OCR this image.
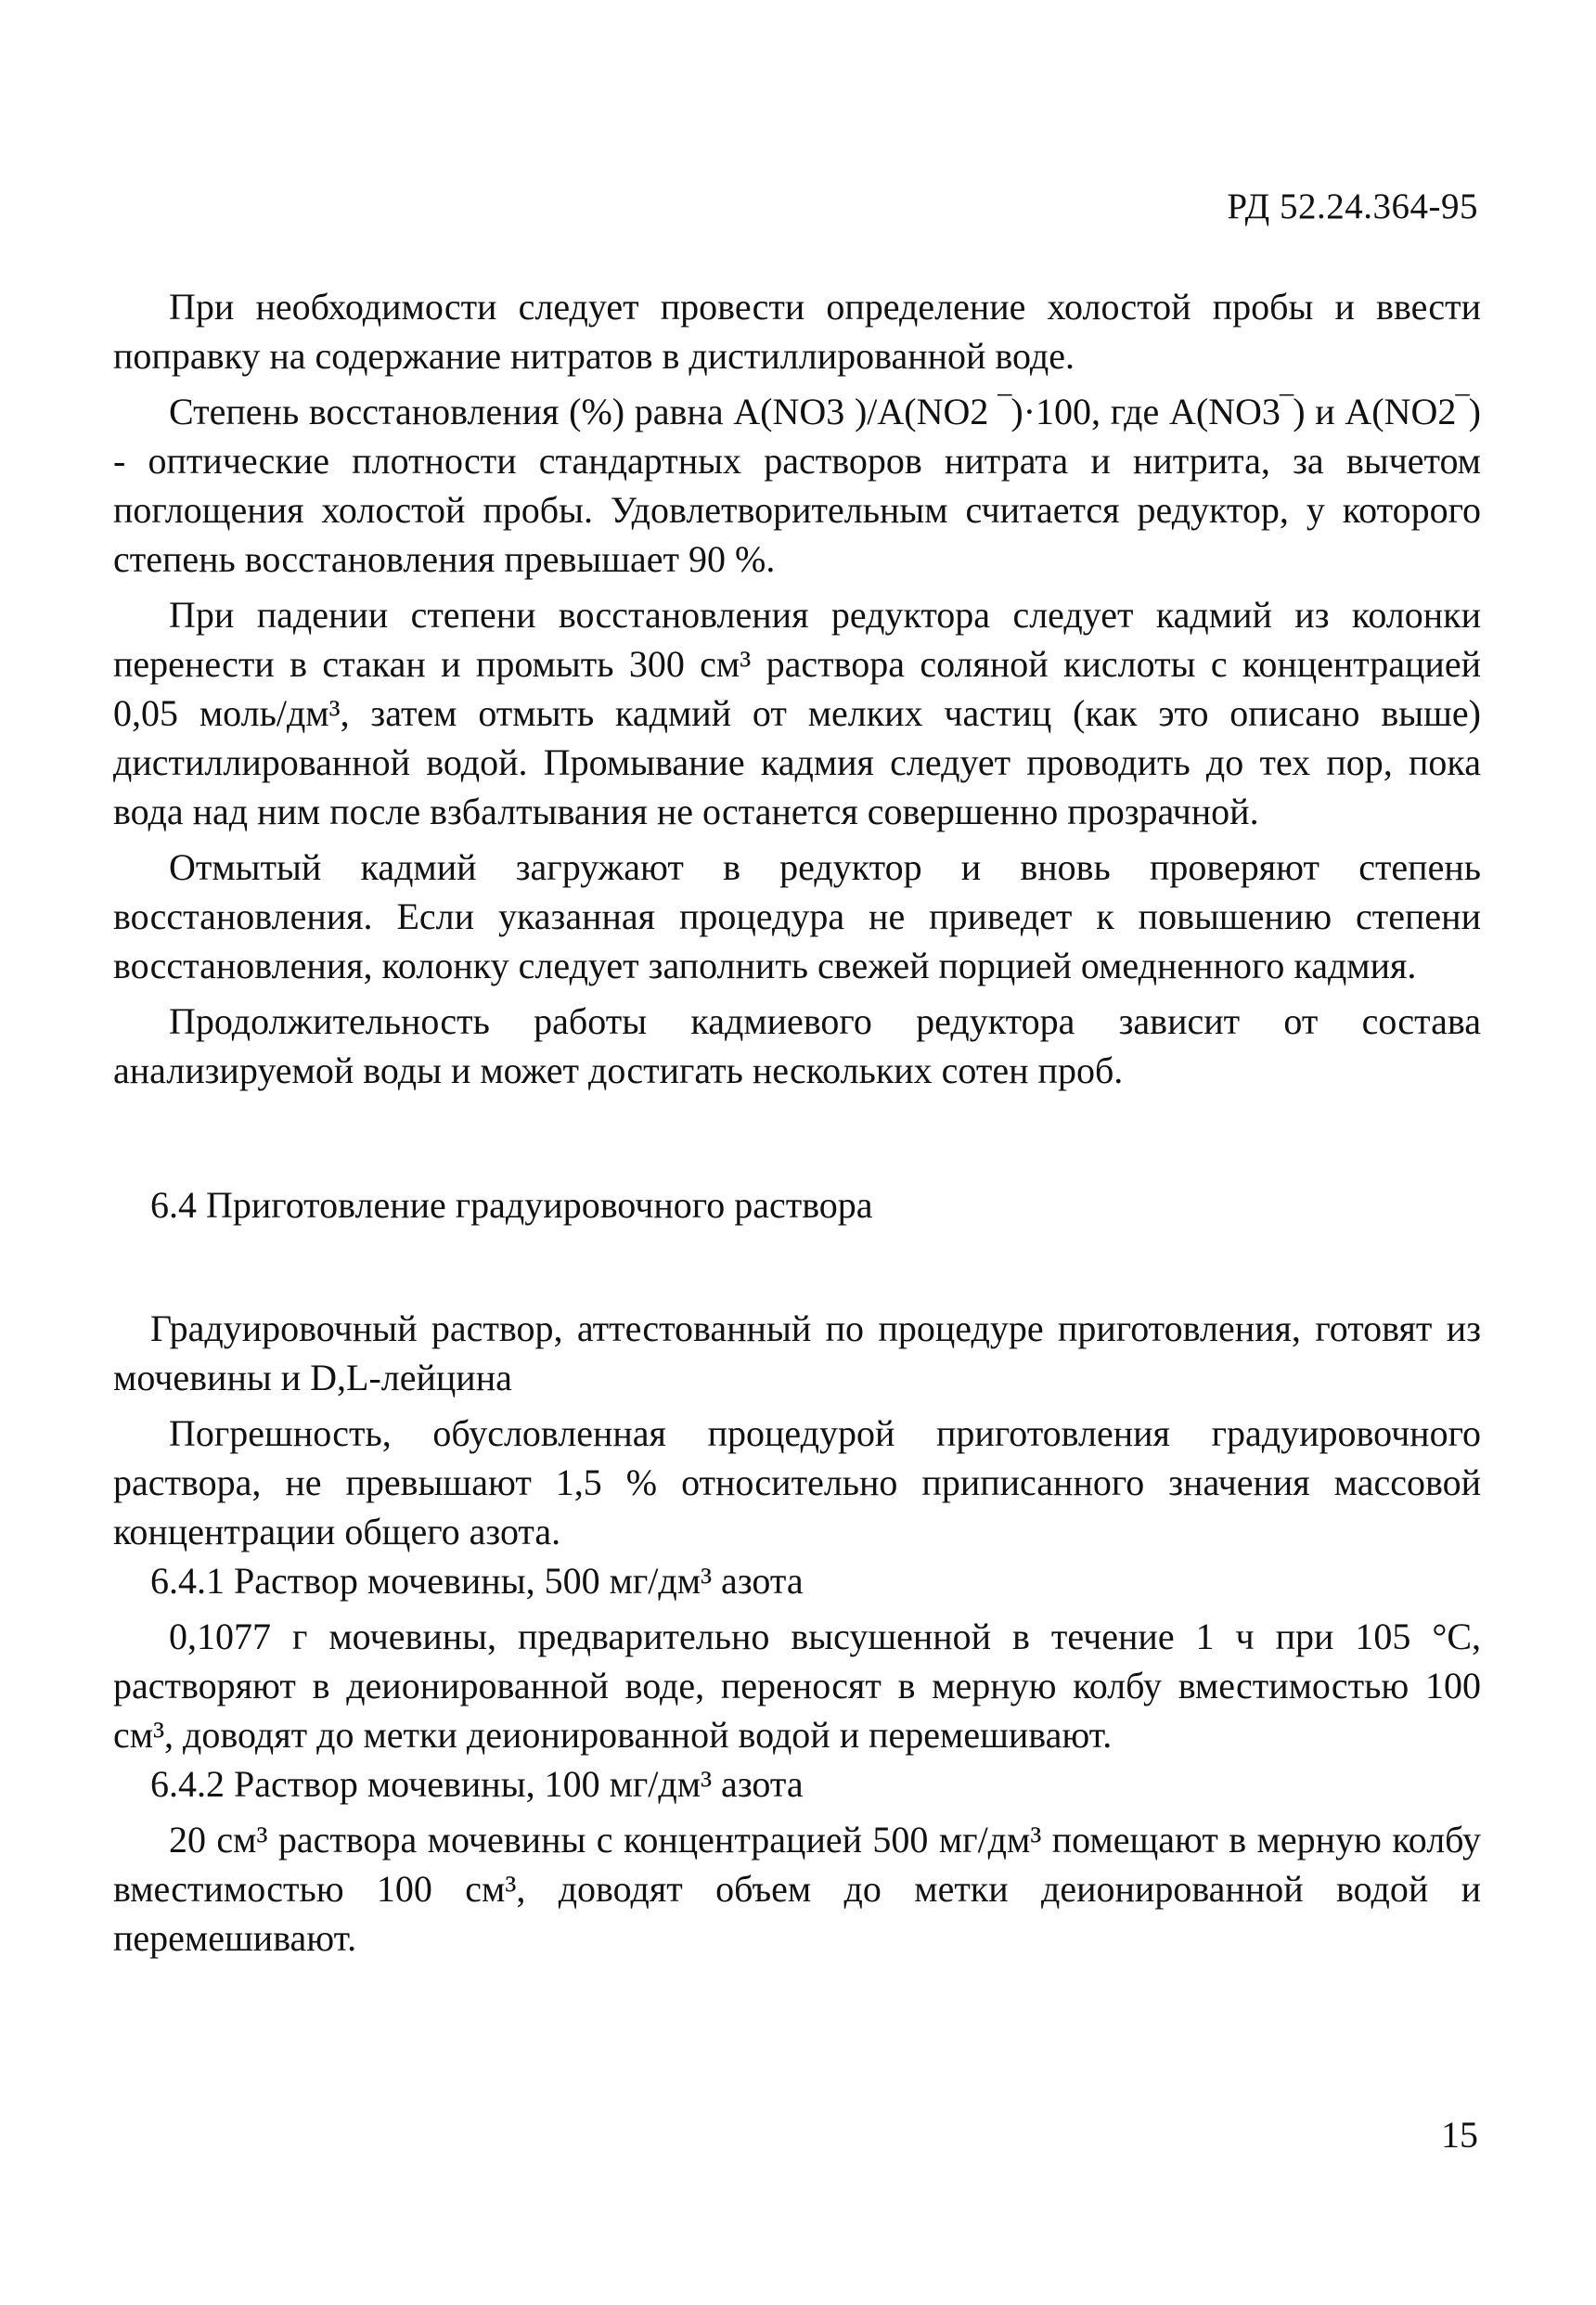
РД 52.24.364-95

При необходимости следует провести определение холостой пробы и ввести поправку на содержание нитратов в дистиллированной воде.

Степень восстановления (%) равна A(NO3 )/A(NO2 ‾)·100, где A(NO3‾) и A(NO2‾) - оптические плотности стандартных растворов нитрата и нитрита, за вычетом поглощения холостой пробы. Удовлетворительным считается редуктор, у которого степень восстановления превышает 90 %.

При падении степени восстановления редуктора следует кадмий из колонки перенести в стакан и промыть 300 см³ раствора соляной кислоты с концентрацией 0,05 моль/дм³, затем отмыть кадмий от мелких частиц (как это описано выше) дистиллированной водой. Промывание кадмия следует проводить до тех пор, пока вода над ним после взбалтывания не останется совершенно прозрачной.

Отмытый кадмий загружают в редуктор и вновь проверяют степень восстановления. Если указанная процедура не приведет к повышению степени восстановления, колонку следует заполнить свежей порцией омедненного кадмия.

Продолжительность работы кадмиевого редуктора зависит от состава анализируемой воды и может достигать нескольких сотен проб.

6.4 Приготовление градуировочного раствора

Градуировочный раствор, аттестованный по процедуре приготовления, готовят из мочевины и D,L-лейцина

Погрешность, обусловленная процедурой приготовления градуировочного раствора, не превышают 1,5 % относительно приписанного значения массовой концентрации общего азота.

6.4.1 Раствор мочевины, 500 мг/дм³ азота

0,1077 г мочевины, предварительно высушенной в течение 1 ч при 105 °C, растворяют в деионированной воде, переносят в мерную колбу вместимостью 100 см³, доводят до метки деионированной водой и перемешивают.

6.4.2 Раствор мочевины, 100 мг/дм³ азота

20 см³ раствора мочевины с концентрацией 500 мг/дм³ помещают в мерную колбу вместимостью 100 см³, доводят объем до метки деионированной водой и перемешивают.

15
